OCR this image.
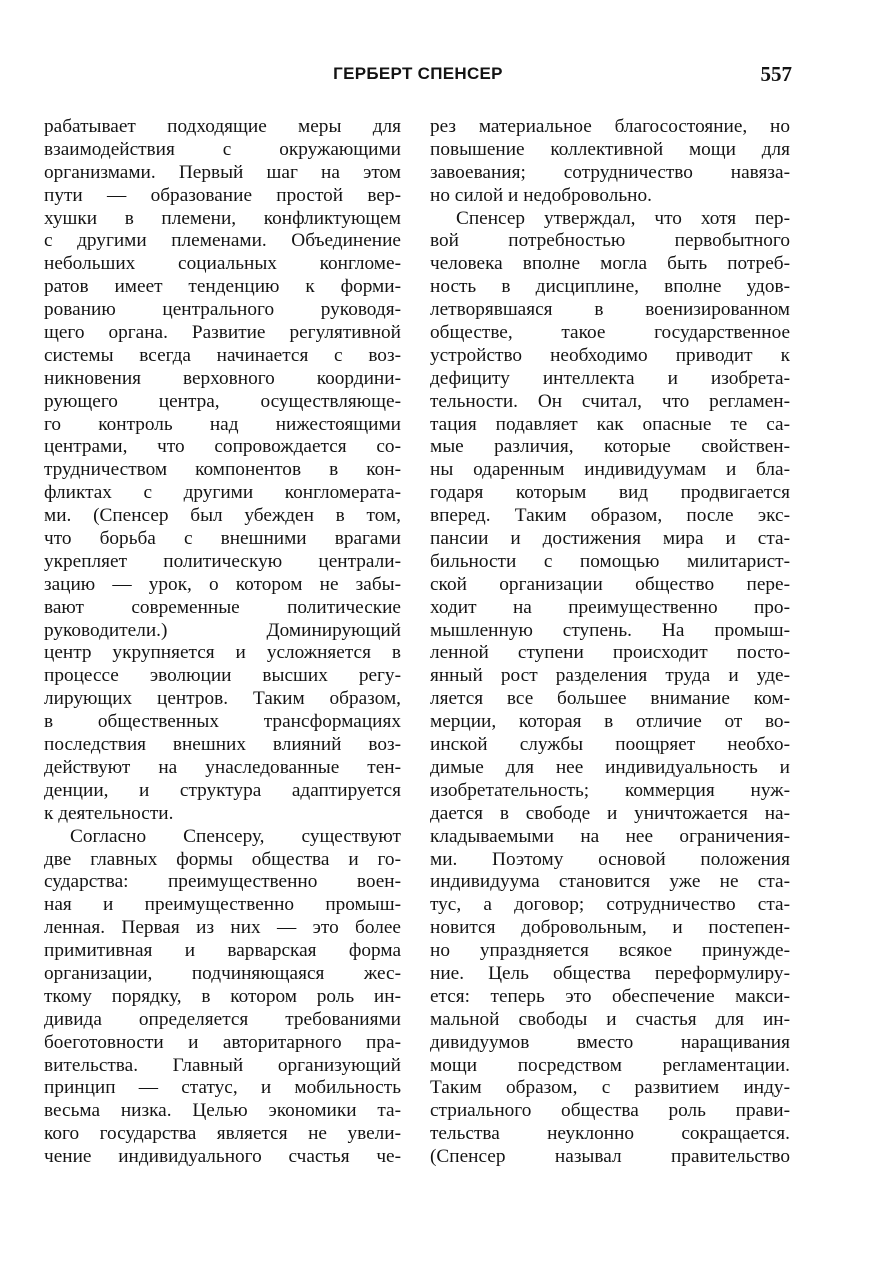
ГЕРБЕРТ СПЕНСЕР	557
рабатывает подходящие меры для
взаимодействия с окружающими
организмами. Первый шаг на этом
пути — образование простой вер-
хушки в племени, конфликтующем
с другими племенами. Объединение
небольших социальных конгломе-
ратов имеет тенденцию к форми-
рованию центрального руководя-
щего органа. Развитие регулятивной
системы всегда начинается с воз-
никновения верховного координи-
рующего центра, осуществляюще-
го контроль над нижестоящими
центрами, что сопровождается со-
трудничеством компонентов в кон-
фликтах с другими конгломерата-
ми. (Спенсер был убежден в том,
что борьба с внешними врагами
укрепляет политическую централи-
зацию — урок, о котором не забы-
вают современные политические
руководители.) Доминирующий
центр укрупняется и усложняется в
процессе эволюции высших регу-
лирующих центров. Таким образом,
в общественных трансформациях
последствия внешних влияний воз-
действуют на унаследованные тен-
денции, и структура адаптируется
к деятельности.
Согласно Спенсеру, существуют
две главных формы общества и го-
сударства: преимущественно воен-
ная и преимущественно промыш-
ленная. Первая из них — это более
примитивная и варварская форма
организации, подчиняющаяся жес-
ткому порядку, в котором роль ин-
дивида определяется требованиями
боеготовности и авторитарного пра-
вительства. Главный организующий
принцип — статус, и мобильность
весьма низка. Целью экономики та-
кого государства является не увели-
чение индивидуального счастья че-
рез материальное благосостояние, но
повышение коллективной мощи для
завоевания; сотрудничество навяза-
но силой и недобровольно.
Спенсер утверждал, что хотя пер-
вой потребностью первобытного
человека вполне могла быть потреб-
ность в дисциплине, вполне удов-
летворявшаяся в военизированном
обществе, такое государственное
устройство необходимо приводит к
дефициту интеллекта и изобрета-
тельности. Он считал, что регламен-
тация подавляет как опасные те са-
мые различия, которые свойствен-
ны одаренным индивидуумам и бла-
годаря которым вид продвигается
вперед. Таким образом, после экс-
пансии и достижения мира и ста-
бильности с помощью милитарист-
ской организации общество пере-
ходит на преимущественно про-
мышленную ступень. На промыш-
ленной ступени происходит посто-
янный рост разделения труда и уде-
ляется все большее внимание ком-
мерции, которая в отличие от во-
инской службы поощряет необхо-
димые для нее индивидуальность и
изобретательность; коммерция нуж-
дается в свободе и уничтожается на-
кладываемыми на нее ограничения-
ми. Поэтому основой положения
индивидуума становится уже не ста-
тус, а договор; сотрудничество ста-
новится добровольным, и постепен-
но упраздняется всякое принужде-
ние. Цель общества переформулиру-
ется: теперь это обеспечение макси-
мальной свободы и счастья для ин-
дивидуумов вместо наращивания
мощи посредством регламентации.
Таким образом, с развитием инду-
стриального общества роль прави-
тельства неуклонно сокращается.
(Спенсер называл правительство
